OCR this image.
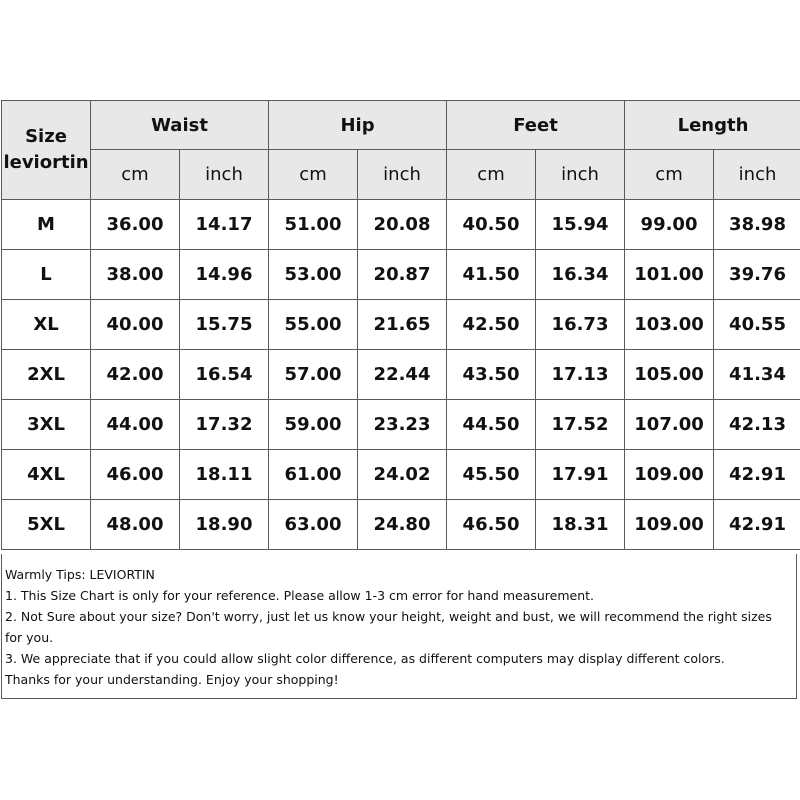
Size
leviortin	Waist		Hip		Feet		Length	
	cm	inch	cm	inch	cm	inch	cm	inch
M	36.00	14.17	51.00	20.08	40.50	15.94	99.00	38.98
L	38.00	14.96	53.00	20.87	41.50	16.34	101.00	39.76
XL	40.00	15.75	55.00	21.65	42.50	16.73	103.00	40.55
2XL	42.00	16.54	57.00	22.44	43.50	17.13	105.00	41.34
3XL	44.00	17.32	59.00	23.23	44.50	17.52	107.00	42.13
4XL	46.00	18.11	61.00	24.02	45.50	17.91	109.00	42.91
5XL	48.00	18.90	63.00	24.80	46.50	18.31	109.00	42.91
Warmly Tips: LEVIORTIN
1. This Size Chart is only for your reference. Please allow 1-3 cm error for hand measurement.
2. Not Sure about your size? Don't worry, just let us know your height, weight and bust, we will recommend the right sizes for you.
3. We appreciate that if you could allow slight color difference, as different computers may display different colors.
Thanks for your understanding. Enjoy your shopping!
